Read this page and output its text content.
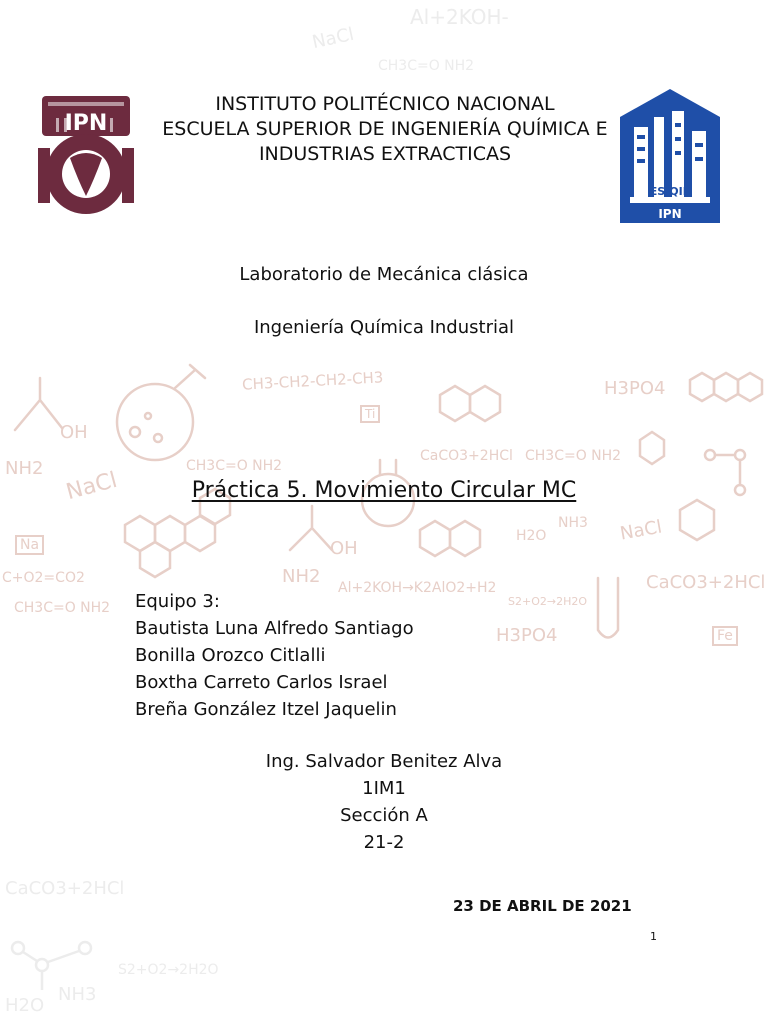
Al+2KOH-
NaCl
CH3C=O NH2
CH3-CH2-CH2-CH3	H3PO4
CaCO3+2HCl
C+O2=CO2
Al+2KOH→K2AlO2+H2
S2+O2→2H2O
H3PO4
CaCO3+2HCl
CaCO3+2HCl
S2+O2→2H2O
H2O
NH3
OH
NH2 NaCl
Na
Fe
NaCl
CH3C=O NH2
CH3C=O NH2
CH3C=O NH2
Ti
NH3
H2O
OH
NH2
IPN
INSTITUTO POLITÉCNICO NACIONAL
ESCUELA SUPERIOR DE INGENIERÍA QUÍMICA E
INDUSTRIAS EXTRACTICAS
ESIQIE
IPN
Laboratorio de Mecánica clásica
Ingeniería Química Industrial
Práctica 5. Movimiento Circular MC
Equipo 3:
Bautista Luna Alfredo Santiago
Bonilla Orozco Citlalli
Boxtha Carreto Carlos Israel
Breña González Itzel Jaquelin
Ing. Salvador Benitez Alva
1IM1
Sección A
21-2
23 DE ABRIL DE 2021
1
